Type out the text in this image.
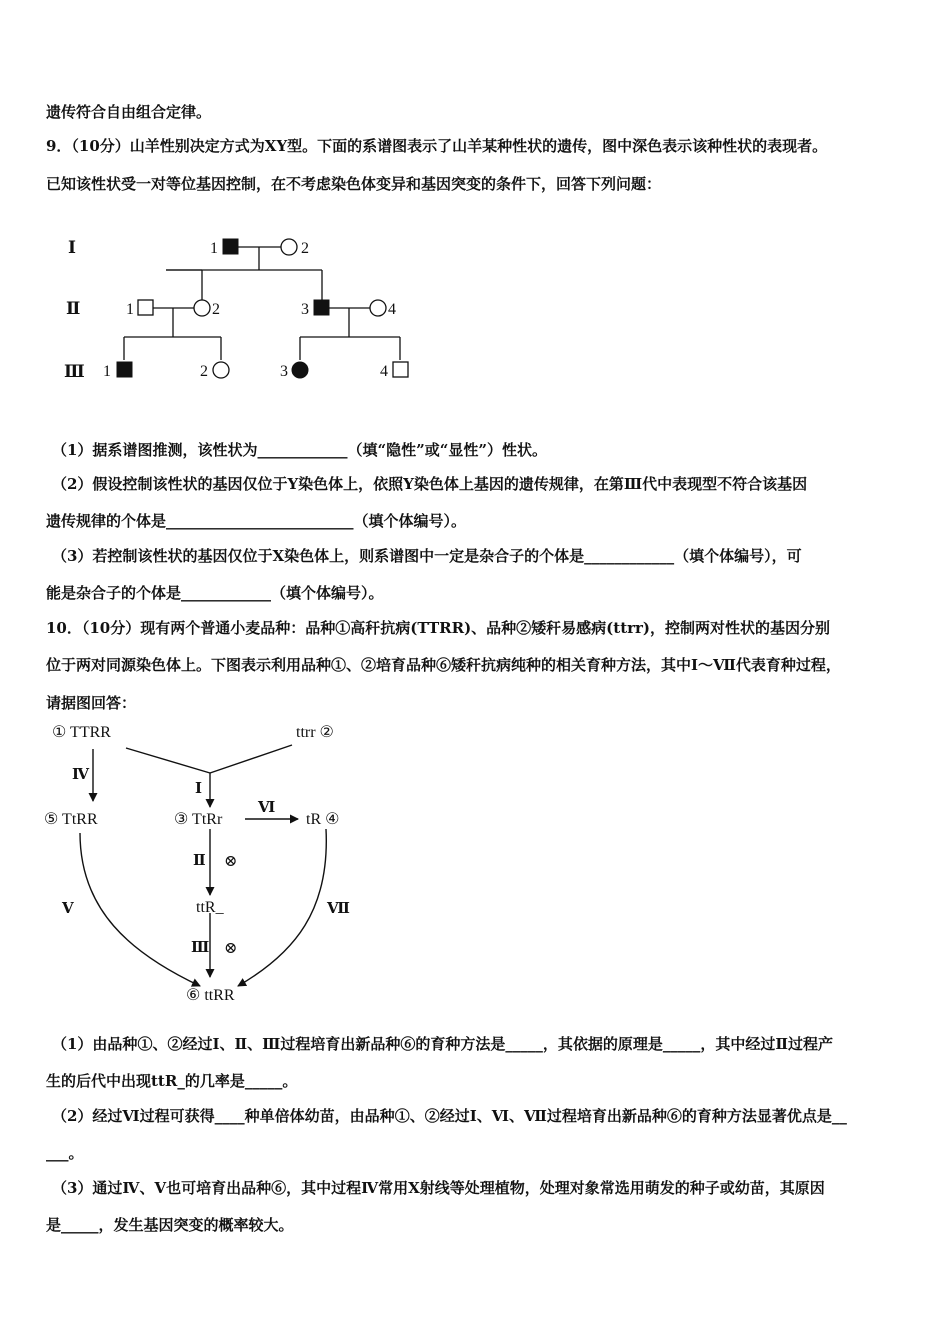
遗传符合自由组合定律。
9．（10分）山羊性别决定方式为XY型。下面的系谱图表示了山羊某种性状的遗传，图中深色表示该种性状的表现者。
已知该性状受一对等位基因控制，在不考虑染色体变异和基因突变的条件下，回答下列问题：
Ⅰ
Ⅱ
Ⅲ
1	2
1	2	3	4
1	2	3	4
（1）据系谱图推测，该性状为____________（填“隐性”或“显性”）性状。
（2）假设控制该性状的基因仅位于Y染色体上，依照Y染色体上基因的遗传规律，在第Ⅲ代中表现型不符合该基因
遗传规律的个体是_________________________（填个体编号）。
（3）若控制该性状的基因仅位于X染色体上，则系谱图中一定是杂合子的个体是____________（填个体编号），可
能是杂合子的个体是____________（填个体编号）。
10．（10分）现有两个普通小麦品种：品种①高秆抗病(TTRR)、品种②矮秆易感病(ttrr)，控制两对性状的基因分别
位于两对同源染色体上。下图表示利用品种①、②培育品种⑥矮秆抗病纯种的相关育种方法，其中Ⅰ～Ⅶ代表育种过程，
请据图回答：
① TTRR	ttrr ②
⑤ TtRR	③ TtRr	tR ④
ttR_
⑥ ttRR
Ⅰ
Ⅳ
Ⅵ
Ⅱ
Ⅲ
Ⅴ	Ⅶ
⊗
⊗
（1）由品种①、②经过Ⅰ、Ⅱ、Ⅲ过程培育出新品种⑥的育种方法是_____，其依据的原理是_____，其中经过Ⅱ过程产
生的后代中出现ttR_的几率是_____。
（2）经过Ⅵ过程可获得____种单倍体幼苗，由品种①、②经过Ⅰ、Ⅵ、Ⅶ过程培育出新品种⑥的育种方法显著优点是__
___。
（3）通过Ⅳ、Ⅴ也可培育出品种⑥，其中过程Ⅳ常用X射线等处理植物，处理对象常选用萌发的种子或幼苗，其原因
是_____，发生基因突变的概率较大。
